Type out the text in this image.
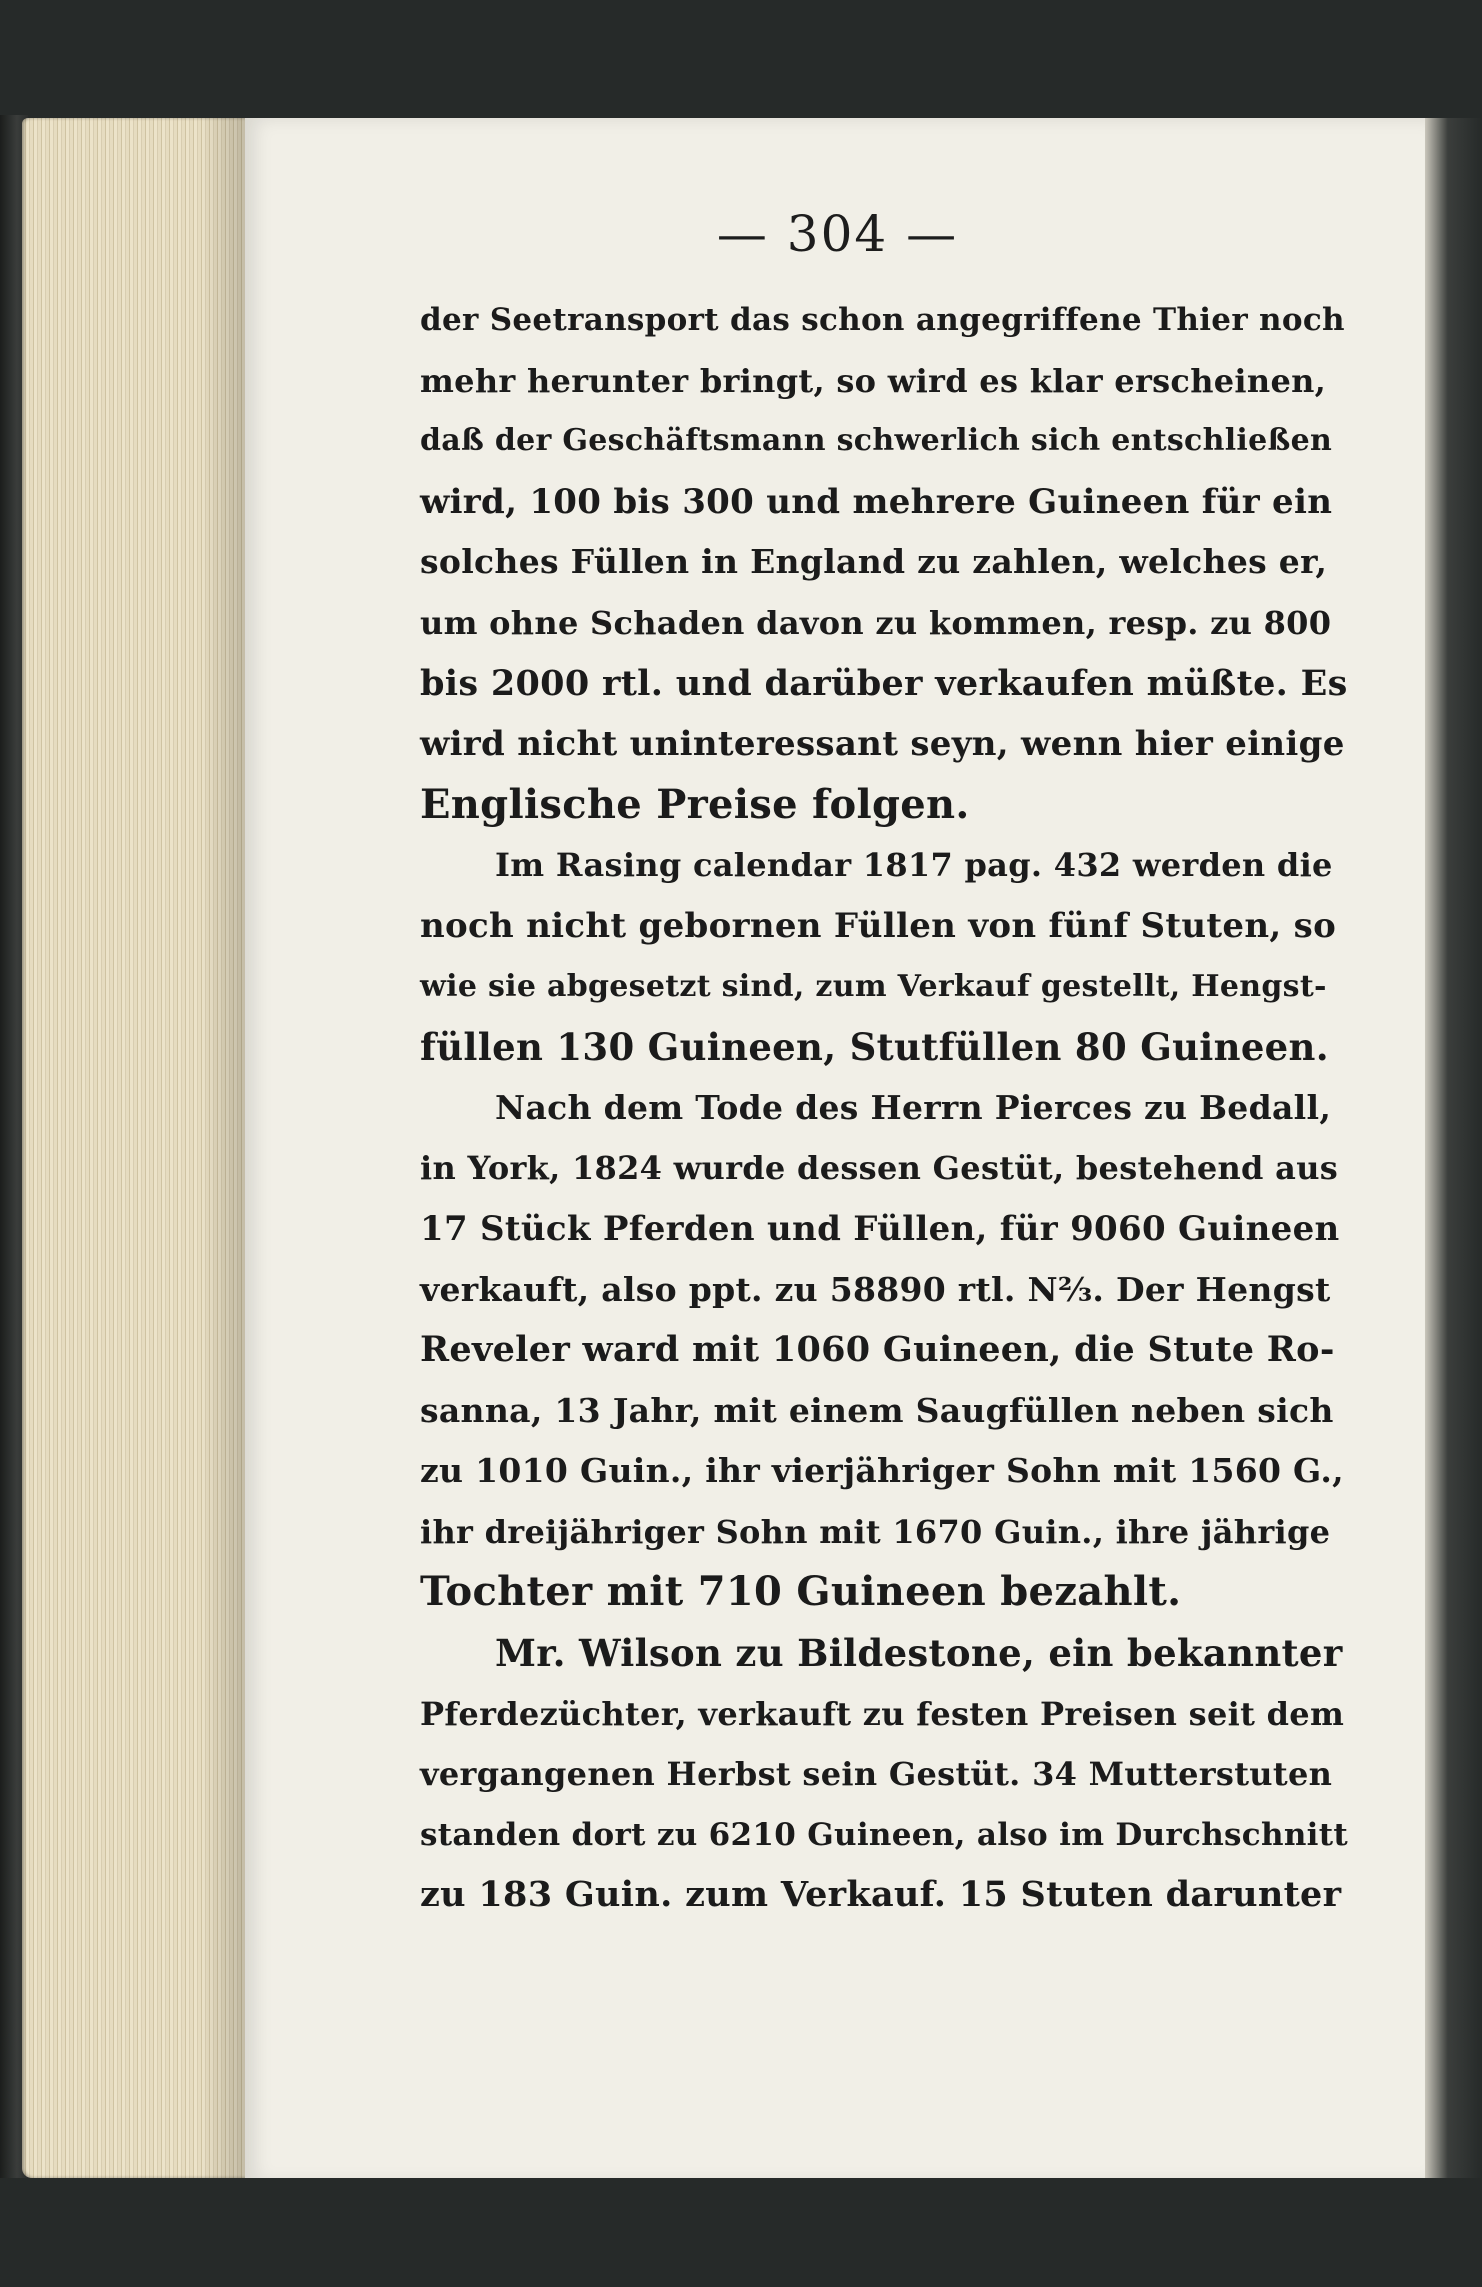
— 304 —
der Seetransport das schon angegriffene Thier noch
mehr herunter bringt, so wird es klar erscheinen,
daß der Geschäftsmann schwerlich sich entschließen
wird, 100 bis 300 und mehrere Guineen für ein
solches Füllen in England zu zahlen, welches er,
um ohne Schaden davon zu kommen, resp. zu 800
bis 2000 rtl. und darüber verkaufen müßte. Es
wird nicht uninteressant seyn, wenn hier einige
Englische Preise folgen.
Im Rasing calendar 1817 pag. 432 werden die
noch nicht gebornen Füllen von fünf Stuten, so
wie sie abgesetzt sind, zum Verkauf gestellt, Hengst-
füllen 130 Guineen, Stutfüllen 80 Guineen.
Nach dem Tode des Herrn Pierces zu Bedall,
in York, 1824 wurde dessen Gestüt, bestehend aus
17 Stück Pferden und Füllen, für 9060 Guineen
verkauft, also ppt. zu 58890 rtl. N⅔. Der Hengst
Reveler ward mit 1060 Guineen, die Stute Ro-
sanna, 13 Jahr, mit einem Saugfüllen neben sich
zu 1010 Guin., ihr vierjähriger Sohn mit 1560 G.,
ihr dreijähriger Sohn mit 1670 Guin., ihre jährige
Tochter mit 710 Guineen bezahlt.
Mr. Wilson zu Bildestone, ein bekannter
Pferdezüchter, verkauft zu festen Preisen seit dem
vergangenen Herbst sein Gestüt. 34 Mutterstuten
standen dort zu 6210 Guineen, also im Durchschnitt
zu 183 Guin. zum Verkauf. 15 Stuten darunter
